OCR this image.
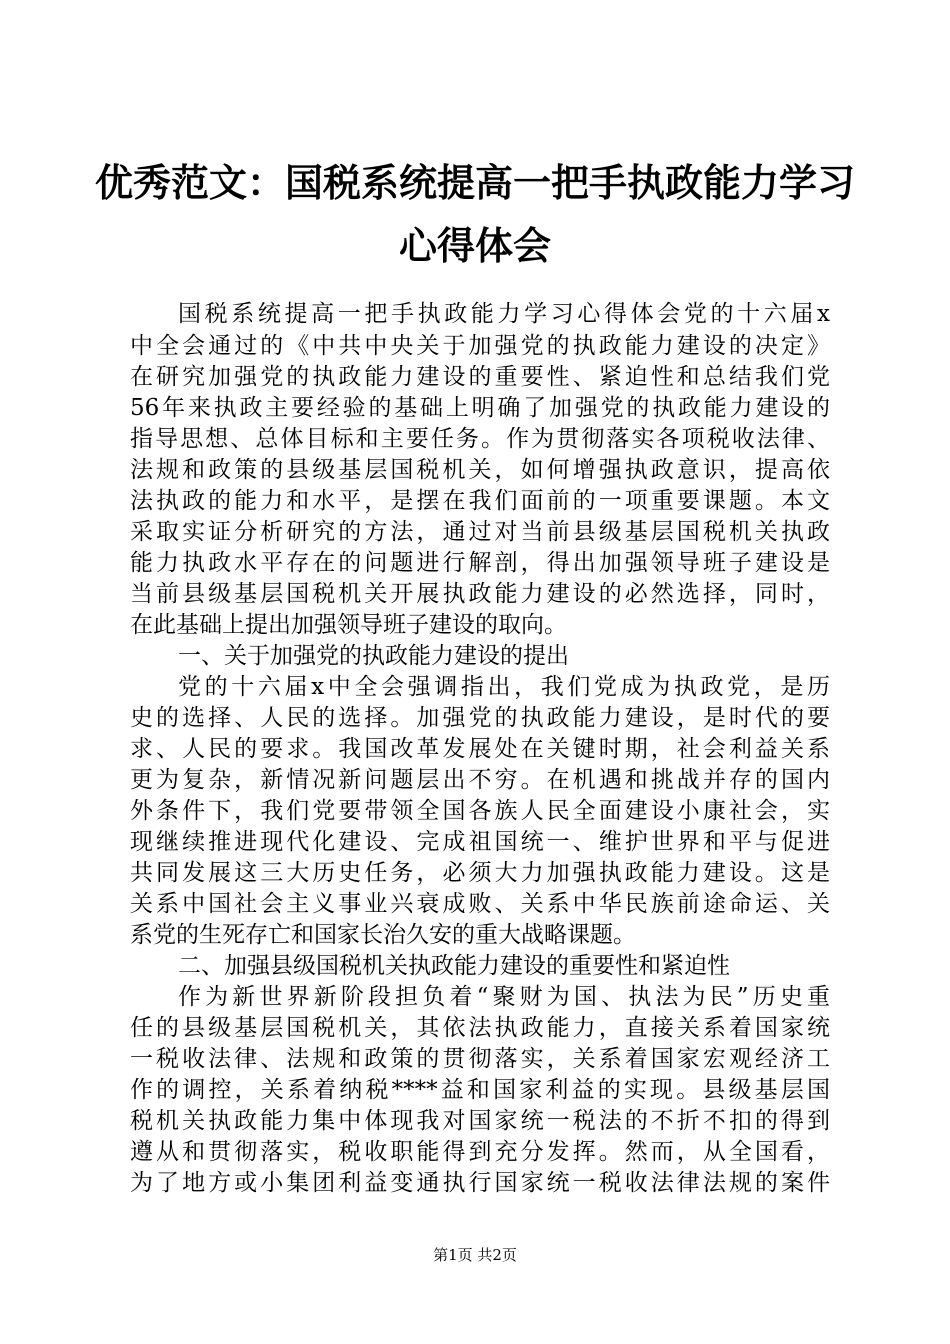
优秀范文：国税系统提高一把手执政能力学习
心得体会
国税系统提高一把手执政能力学习心得体会党的十六届x
中全会通过的《中共中央关于加强党的执政能力建设的决定》
在研究加强党的执政能力建设的重要性、紧迫性和总结我们党
56年来执政主要经验的基础上明确了加强党的执政能力建设的
指导思想、总体目标和主要任务。作为贯彻落实各项税收法律、
法规和政策的县级基层国税机关，如何增强执政意识，提高依
法执政的能力和水平，是摆在我们面前的一项重要课题。本文
采取实证分析研究的方法，通过对当前县级基层国税机关执政
能力执政水平存在的问题进行解剖，得出加强领导班子建设是
当前县级基层国税机关开展执政能力建设的必然选择，同时，
在此基础上提出加强领导班子建设的取向。
一、关于加强党的执政能力建设的提出
党的十六届x中全会强调指出，我们党成为执政党，是历
史的选择、人民的选择。加强党的执政能力建设，是时代的要
求、人民的要求。我国改革发展处在关键时期，社会利益关系
更为复杂，新情况新问题层出不穷。在机遇和挑战并存的国内
外条件下，我们党要带领全国各族人民全面建设小康社会，实
现继续推进现代化建设、完成祖国统一、维护世界和平与促进
共同发展这三大历史任务，必须大力加强执政能力建设。这是
关系中国社会主义事业兴衰成败、关系中华民族前途命运、关
系党的生死存亡和国家长治久安的重大战略课题。
二、加强县级国税机关执政能力建设的重要性和紧迫性
作为新世界新阶段担负着“聚财为国、执法为民”历史重
任的县级基层国税机关，其依法执政能力，直接关系着国家统
一税收法律、法规和政策的贯彻落实，关系着国家宏观经济工
作的调控，关系着纳税****益和国家利益的实现。县级基层国
税机关执政能力集中体现我对国家统一税法的不折不扣的得到
遵从和贯彻落实，税收职能得到充分发挥。然而，从全国看，
为了地方或小集团利益变通执行国家统一税收法律法规的案件
第1页 共2页
